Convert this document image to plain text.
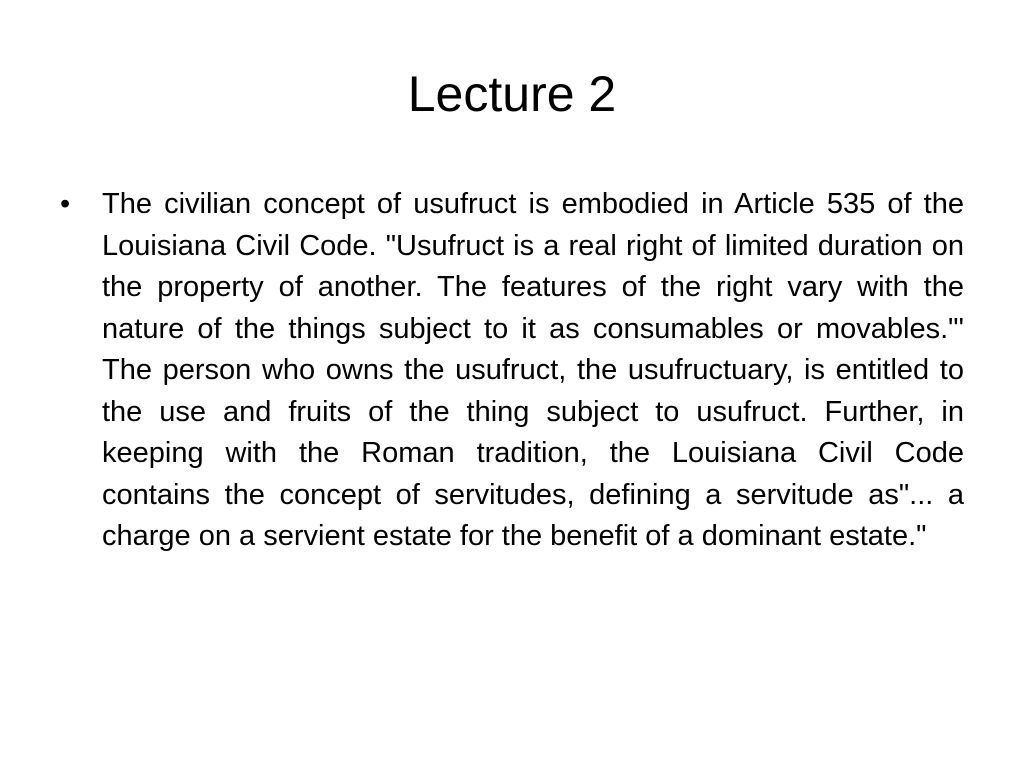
Lecture 2
• The civilian concept of usufruct is embodied in Article 535 of the Louisiana Civil Code. "Usufruct is a real right of limited duration on the property of another. The features of the right vary with the nature of the things subject to it as consumables or movables."' The person who owns the usufruct, the usufructuary, is entitled to the use and fruits of the thing subject to usufruct. Further, in keeping with the Roman tradition, the Louisiana Civil Code contains the concept of servitudes, defining a servitude as"... a charge on a servient estate for the benefit of a dominant estate."
